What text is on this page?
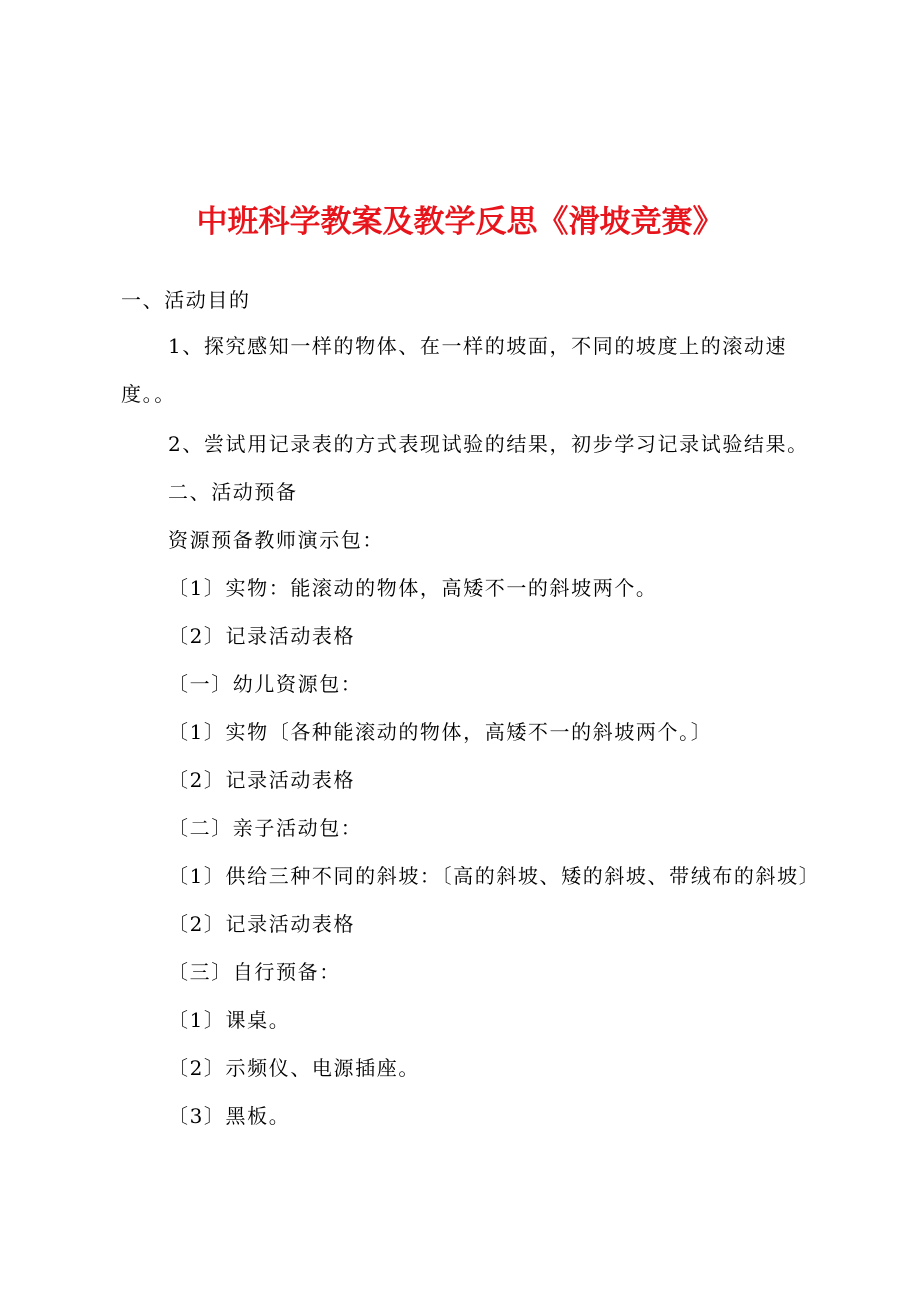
中班科学教案及教学反思《滑坡竞赛》
一、活动目的
1、探究感知一样的物体、在一样的坡面，不同的坡度上的滚动速度。。
2、尝试用记录表的方式表现试验的结果，初步学习记录试验结果。
二、活动预备
资源预备教师演示包：
〔1〕实物：能滚动的物体，高矮不一的斜坡两个。
〔2〕记录活动表格
〔一〕幼儿资源包：
〔1〕实物〔各种能滚动的物体，高矮不一的斜坡两个。〕
〔2〕记录活动表格
〔二〕亲子活动包：
〔1〕供给三种不同的斜坡：〔高的斜坡、矮的斜坡、带绒布的斜坡〕
〔2〕记录活动表格
〔三〕自行预备：
〔1〕课桌。
〔2〕示频仪、电源插座。
〔3〕黑板。
